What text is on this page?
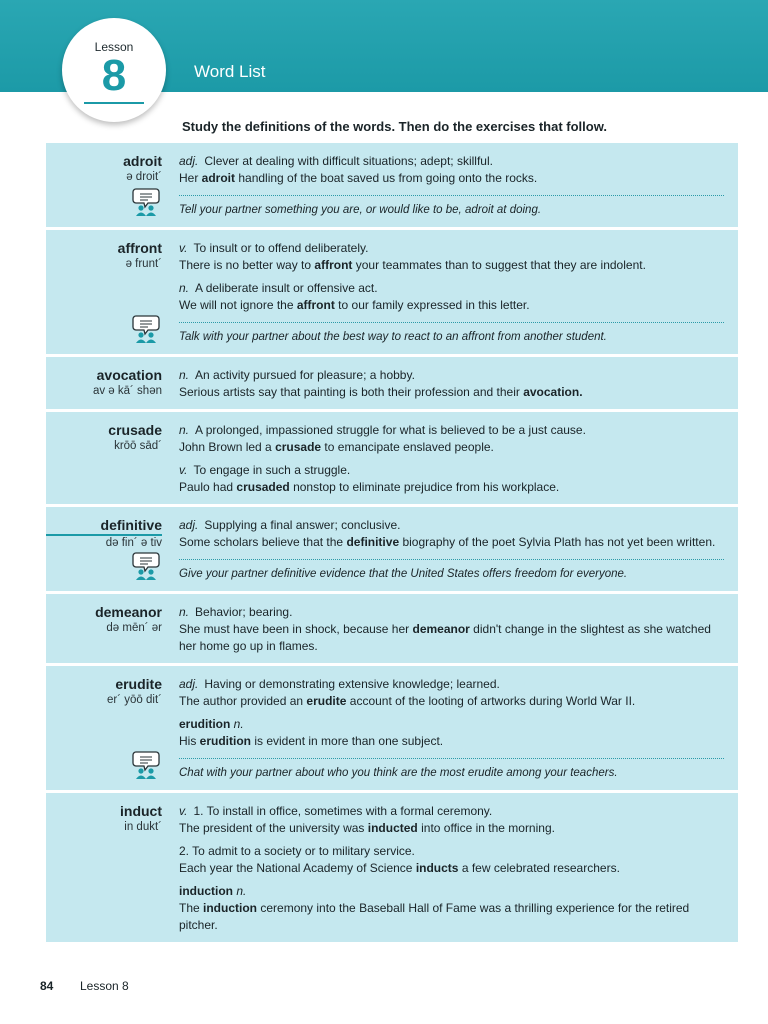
Lesson
8	Word List
Study the definitions of the words. Then do the exercises that follow.
adroit
ə droit´

adj. Clever at dealing with difficult situations; adept; skillful.

Her adroit handling of the boat saved us from going onto the rocks.

Tell your partner something you are, or would like to be, adroit at doing.
affront
ə frunt´

v. To insult or to offend deliberately.

There is no better way to affront your teammates than to suggest that they are indolent.

n. A deliberate insult or offensive act.

We will not ignore the affront to our family expressed in this letter.

Talk with your partner about the best way to react to an affront from another student.
avocation
av ə kā´ shən

n. An activity pursued for pleasure; a hobby.

Serious artists say that painting is both their profession and their avocation.

crusade
krōō sād´

n. A prolonged, impassioned struggle for what is believed to be a just cause.

John Brown led a crusade to emancipate enslaved people.

v. To engage in such a struggle.

Paulo had crusaded nonstop to eliminate prejudice from his workplace.

definitive
də fin´ ə tiv

adj. Supplying a final answer; conclusive.

Some scholars believe that the definitive biography of the poet Sylvia Plath has not yet been written.

Give your partner definitive evidence that the United States offers freedom for everyone.
demeanor
də mēn´ ər

n. Behavior; bearing.

She must have been in shock, because her demeanor didn't change in the slightest as she watched her home go up in flames.

erudite
er´ yōō dit´

adj. Having or demonstrating extensive knowledge; learned.

The author provided an erudite account of the looting of artworks during World War II.

erudition n.

His erudition is evident in more than one subject.

Chat with your partner about who you think are the most erudite among your teachers.
induct
in dukt´

v. 1. To install in office, sometimes with a formal ceremony.

The president of the university was inducted into office in the morning.

2. To admit to a society or to military service.

Each year the National Academy of Science inducts a few celebrated researchers.

induction n.

The induction ceremony into the Baseball Hall of Fame was a thrilling experience for the retired pitcher.

84 Lesson 8
